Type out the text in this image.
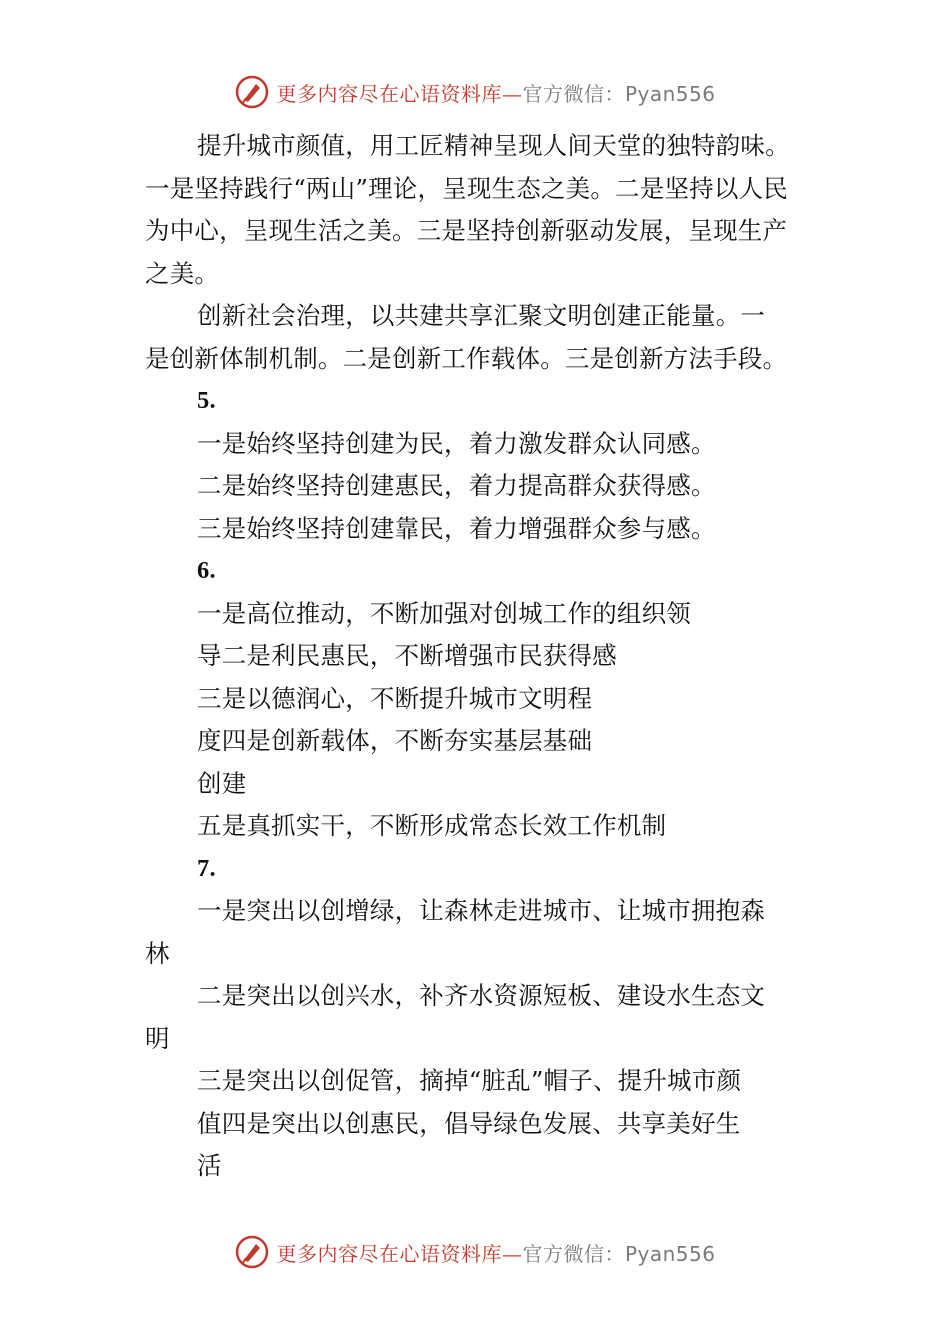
更多内容尽在心语资料库—官方微信：Pyan556
提升城市颜值，用工匠精神呈现人间天堂的独特韵味。
一是坚持践行“两山”理论，呈现生态之美。二是坚持以人民
为中心，呈现生活之美。三是坚持创新驱动发展，呈现生产
之美。
创新社会治理，以共建共享汇聚文明创建正能量。一
是创新体制机制。二是创新工作载体。三是创新方法手段。
5.
一是始终坚持创建为民，着力激发群众认同感。
二是始终坚持创建惠民，着力提高群众获得感。
三是始终坚持创建靠民，着力增强群众参与感。
6.
一是高位推动，不断加强对创城工作的组织领
导二是利民惠民，不断增强市民获得感
三是以德润心，不断提升城市文明程
度四是创新载体，不断夯实基层基础
创建
五是真抓实干，不断形成常态长效工作机制
7.
一是突出以创增绿，让森林走进城市、让城市拥抱森
林
二是突出以创兴水，补齐水资源短板、建设水生态文
明
三是突出以创促管，摘掉“脏乱”帽子、提升城市颜
值四是突出以创惠民，倡导绿色发展、共享美好生
活
更多内容尽在心语资料库—官方微信：Pyan556
